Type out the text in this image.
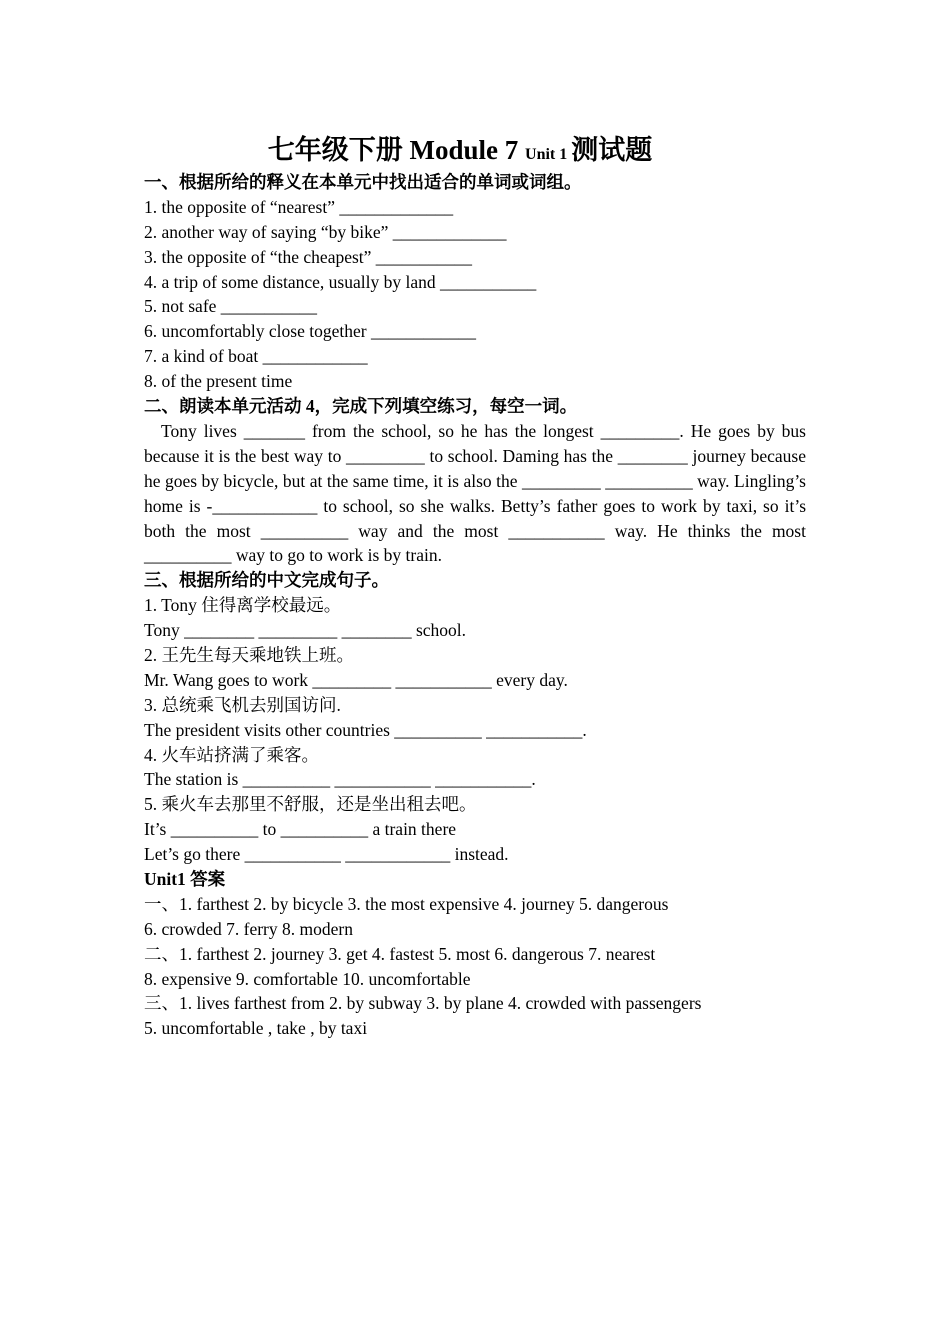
七年级下册 Module 7 Unit 1 测试题
一、根据所给的释义在本单元中找出适合的单词或词组。
1. the opposite of “nearest” _____________
2. another way of saying “by bike” _____________
3. the opposite of “the cheapest” ___________
4. a trip of some distance, usually by land ___________
5. not safe ___________
6. uncomfortably close together ____________
7. a kind of boat ____________
8. of the present time
二、朗读本单元活动 4，完成下列填空练习，每空一词。
Tony lives _______ from the school, so he has the longest _________. He goes by bus because it is the best way to _________ to school. Daming has the ________ journey because he goes by bicycle, but at the same time, it is also the _________ __________ way. Lingling’s home is -____________ to school, so she walks. Betty’s father goes to work by taxi, so it’s both the most __________ way and the most ___________ way. He thinks the most __________ way to go to work is by train.
三、根据所给的中文完成句子。
1. Tony 住得离学校最远。
Tony ________ _________ ________ school.
2. 王先生每天乘地铁上班。
Mr. Wang goes to work _________ ___________ every day.
3. 总统乘飞机去别国访问.
The president visits other countries __________ ___________.
4. 火车站挤满了乘客。
The station is __________ ___________ ___________.
5. 乘火车去那里不舒服，还是坐出租去吧。
It’s __________ to __________ a train there
Let’s go there ___________ ____________ instead.
Unit1 答案
一、1. farthest 2. by bicycle 3. the most expensive 4. journey 5. dangerous
6. crowded 7. ferry 8. modern
二、1. farthest 2. journey 3. get 4. fastest 5. most 6. dangerous 7. nearest
8. expensive 9. comfortable 10. uncomfortable
三、1. lives farthest from 2. by subway 3. by plane 4. crowded with passengers
5. uncomfortable , take , by taxi
